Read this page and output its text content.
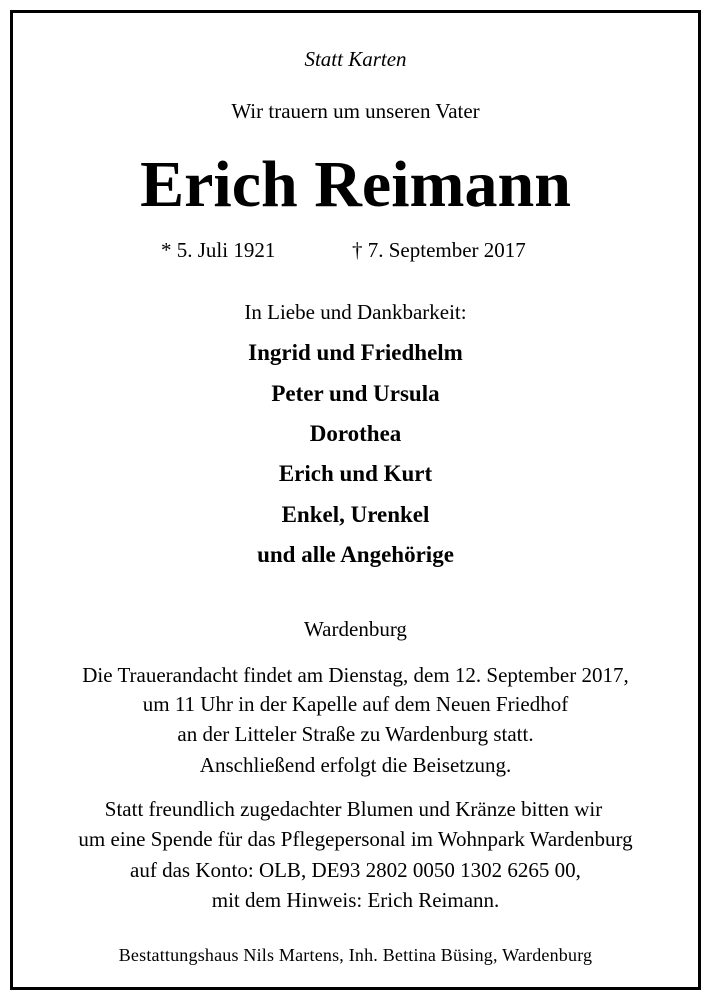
Statt Karten
Wir trauern um unseren Vater
Erich Reimann
* 5. Juli 1921	† 7. September 2017
In Liebe und Dankbarkeit:
Ingrid und Friedhelm
Peter und Ursula
Dorothea
Erich und Kurt
Enkel, Urenkel
und alle Angehörige
Wardenburg
Die Trauerandacht findet am Dienstag, dem 12. September 2017,
um 11 Uhr in der Kapelle auf dem Neuen Friedhof
an der Litteler Straße zu Wardenburg statt.
Anschließend erfolgt die Beisetzung.
Statt freundlich zugedachter Blumen und Kränze bitten wir
um eine Spende für das Pflegepersonal im Wohnpark Wardenburg
auf das Konto: OLB, DE93 2802 0050 1302 6265 00,
mit dem Hinweis: Erich Reimann.
Bestattungshaus Nils Martens, Inh. Bettina Büsing, Wardenburg
